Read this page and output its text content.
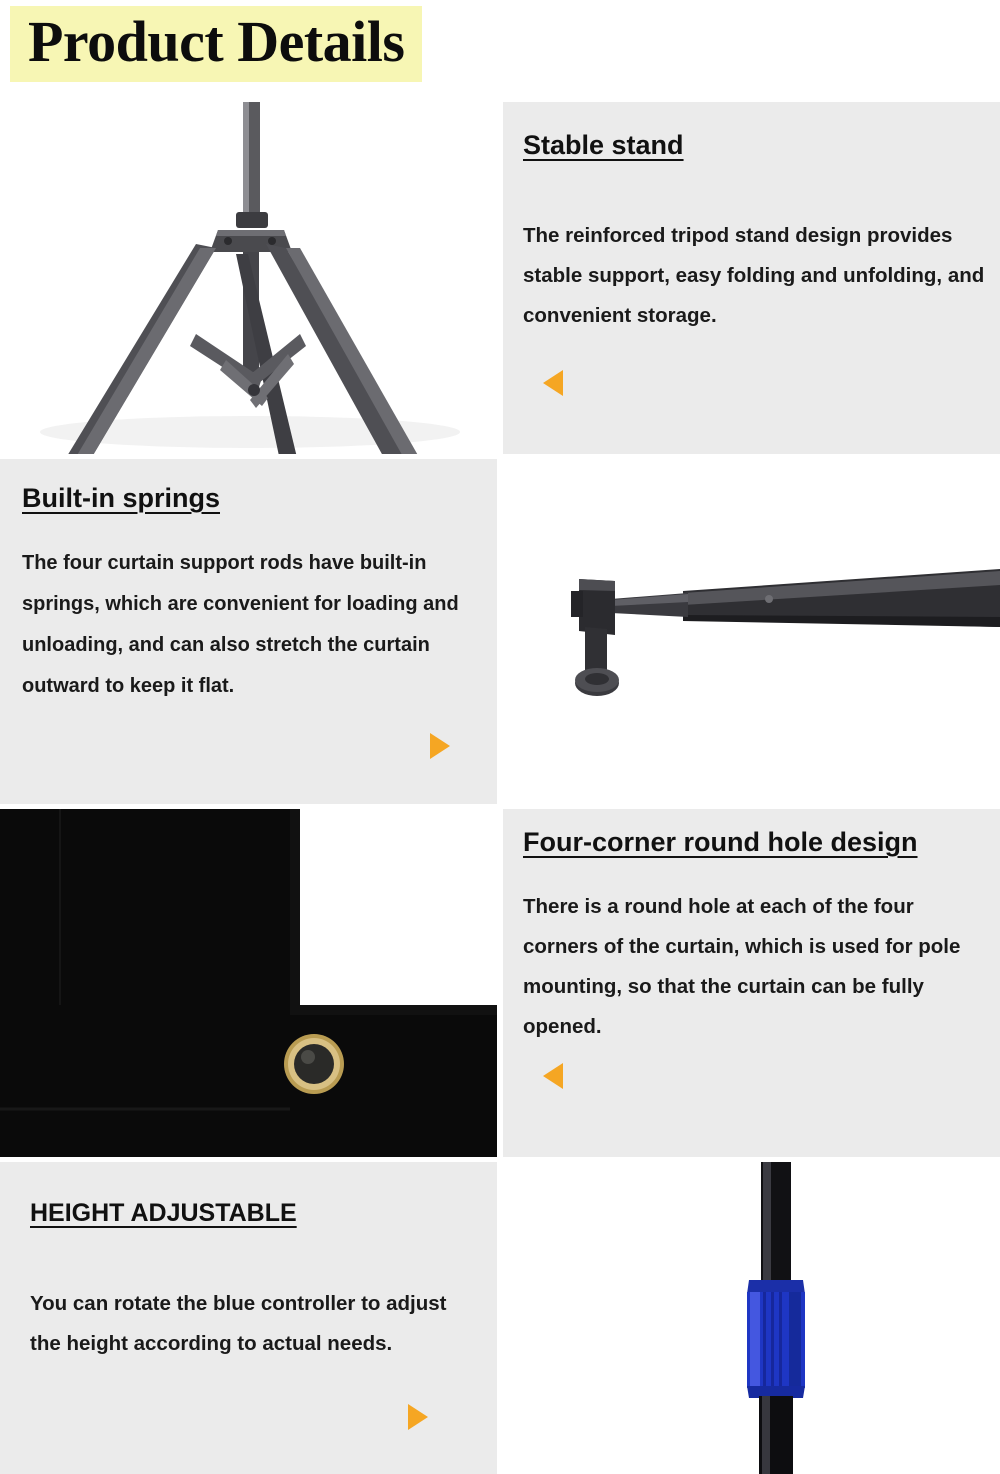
Product Details
Stable stand
The reinforced tripod stand design provides stable support, easy folding and unfolding, and convenient storage.
Built-in springs
The four curtain support rods have built-in springs, which are convenient for loading and unloading, and can also stretch the curtain outward to keep it flat.
Four-corner round hole design
There is a round hole at each of the four corners of the curtain, which is used for pole mounting, so that the curtain can be fully opened.
HEIGHT ADJUSTABLE
You can rotate the blue controller to adjust the height according to actual needs.
